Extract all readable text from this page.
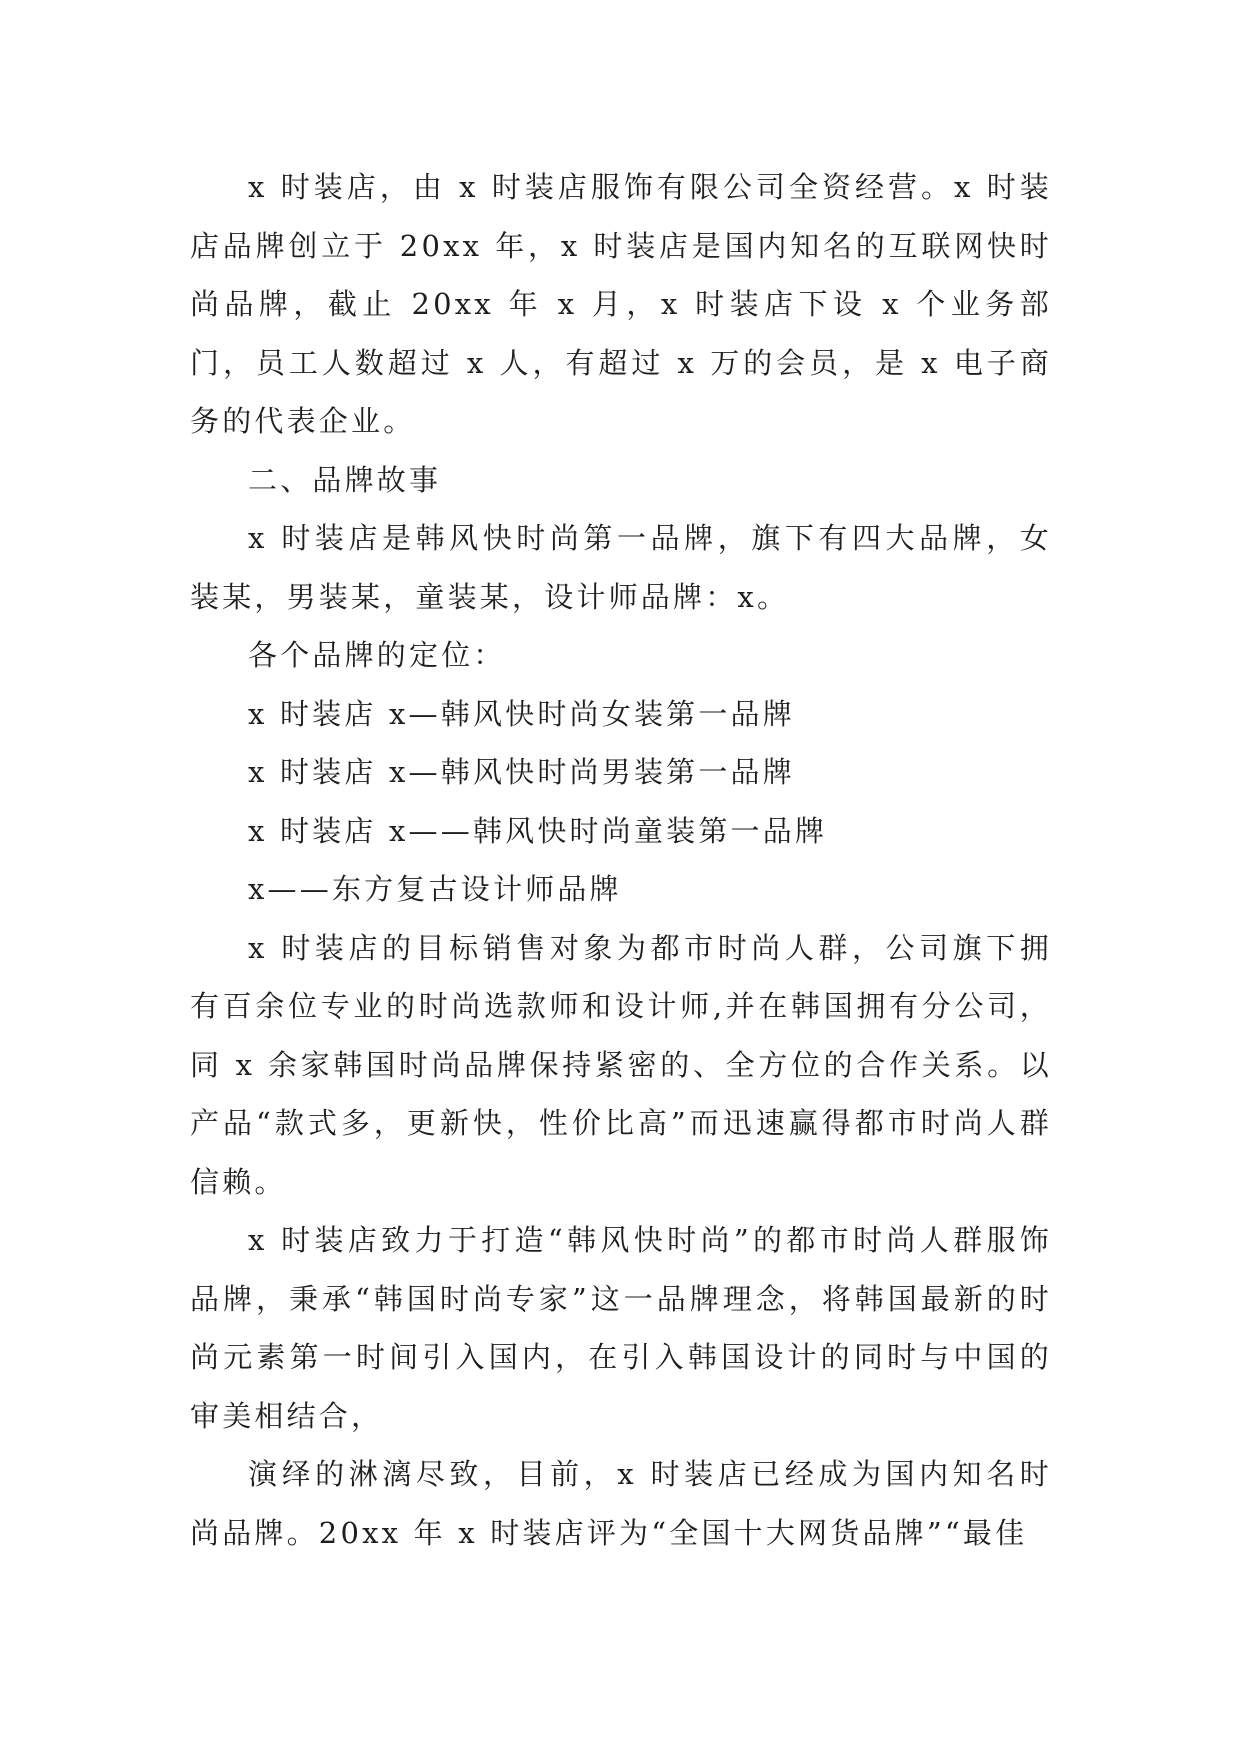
x 时装店，由 x 时装店服饰有限公司全资经营。x 时装店品牌创立于 20xx 年，x 时装店是国内知名的互联网快时尚品牌，截止 20xx 年 x 月，x 时装店下设 x 个业务部门，员工人数超过 x 人，有超过 x 万的会员，是 x 电子商务的代表企业。

二、品牌故事

x 时装店是韩风快时尚第一品牌，旗下有四大品牌，女装某，男装某，童装某，设计师品牌：x。

各个品牌的定位：

x 时装店 x—韩风快时尚女装第一品牌

x 时装店 x—韩风快时尚男装第一品牌

x 时装店 x——韩风快时尚童装第一品牌

x——东方复古设计师品牌

x 时装店的目标销售对象为都市时尚人群，公司旗下拥有百余位专业的时尚选款师和设计师,并在韩国拥有分公司，同 x 余家韩国时尚品牌保持紧密的、全方位的合作关系。以产品“款式多，更新快，性价比高”而迅速赢得都市时尚人群信赖。

x 时装店致力于打造“韩风快时尚”的都市时尚人群服饰品牌，秉承“韩国时尚专家”这一品牌理念，将韩国最新的时尚元素第一时间引入国内，在引入韩国设计的同时与中国的审美相结合，

演绎的淋漓尽致，目前，x 时装店已经成为国内知名时尚品牌。20xx 年 x 时装店评为“全国十大网货品牌”“最佳
